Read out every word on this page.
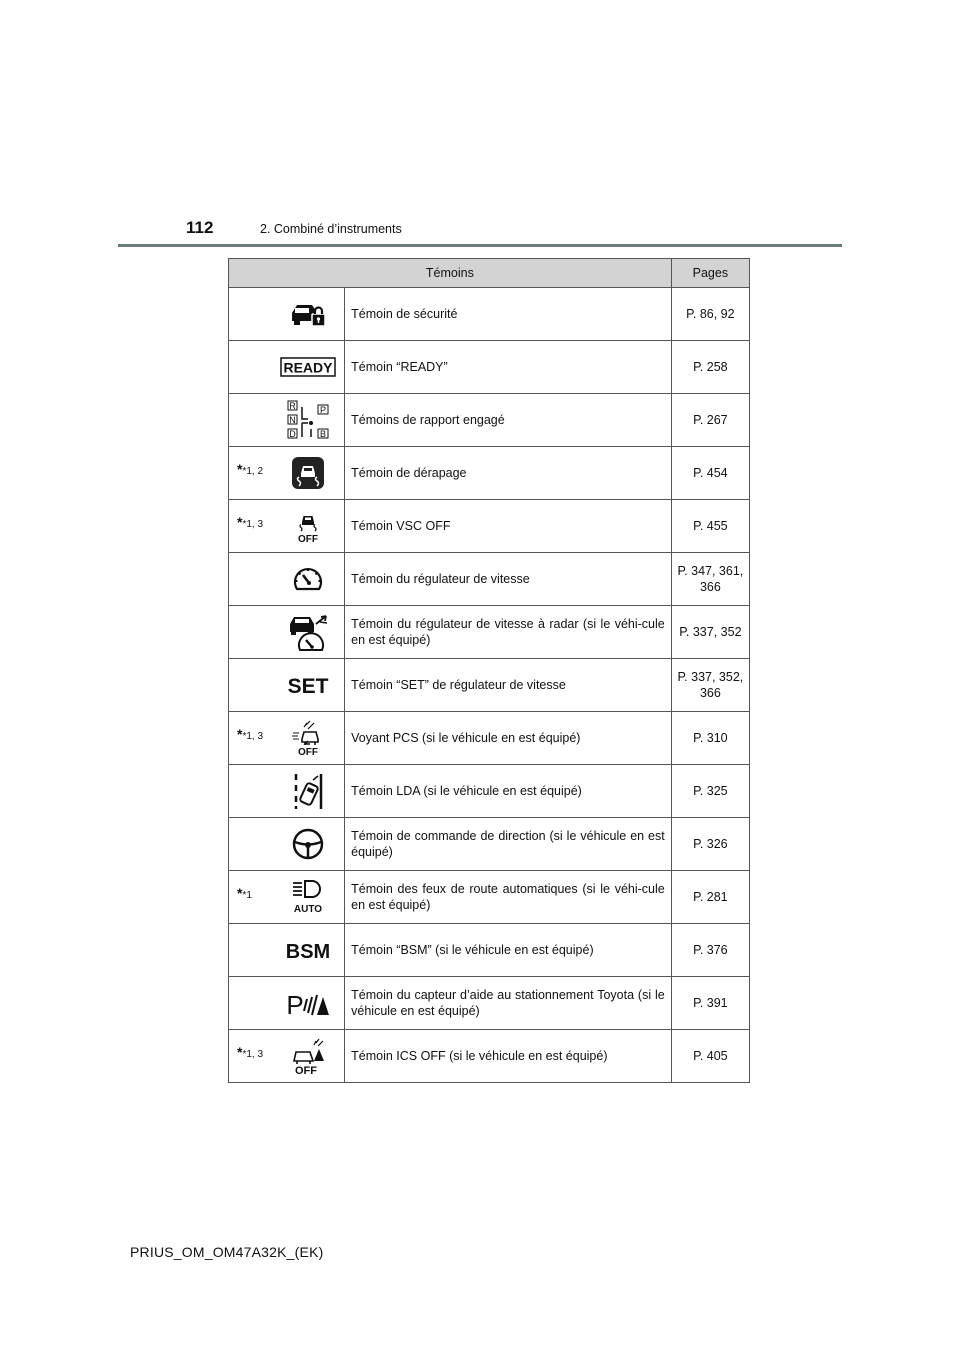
112	2. Combiné d’instruments
Témoins			Pages

	Témoin de sécurité	P. 86, 92

READY	Témoin “READY”	P. 258

R
N
D
P
B	Témoins de rapport engagé	P. 267
**1, 2		Témoin de dérapage	P. 454
**1, 3	OFF	Témoin VSC OFF	P. 455

	Témoin du régulateur de vitesse	P. 347, 361, 366

	Témoin du régulateur de vitesse à radar (si le véhi-cule en est équipé)	P. 337, 352

SET	Témoin “SET” de régulateur de vitesse	P. 337, 352, 366
**1, 3	OFF	Voyant PCS (si le véhicule en est équipé)	P. 310

	Témoin LDA (si le véhicule en est équipé)	P. 325

	Témoin de commande de direction (si le véhicule en est équipé)	P. 326
**1	AUTO	Témoin des feux de route automatiques (si le véhi-cule en est équipé)	P. 281

BSM	Témoin “BSM” (si le véhicule en est équipé)	P. 376

P	Témoin du capteur d’aide au stationnement Toyota (si le véhicule en est équipé)	P. 391
**1, 3	OFF	Témoin ICS OFF (si le véhicule en est équipé)	P. 405
PRIUS_OM_OM47A32K_(EK)
